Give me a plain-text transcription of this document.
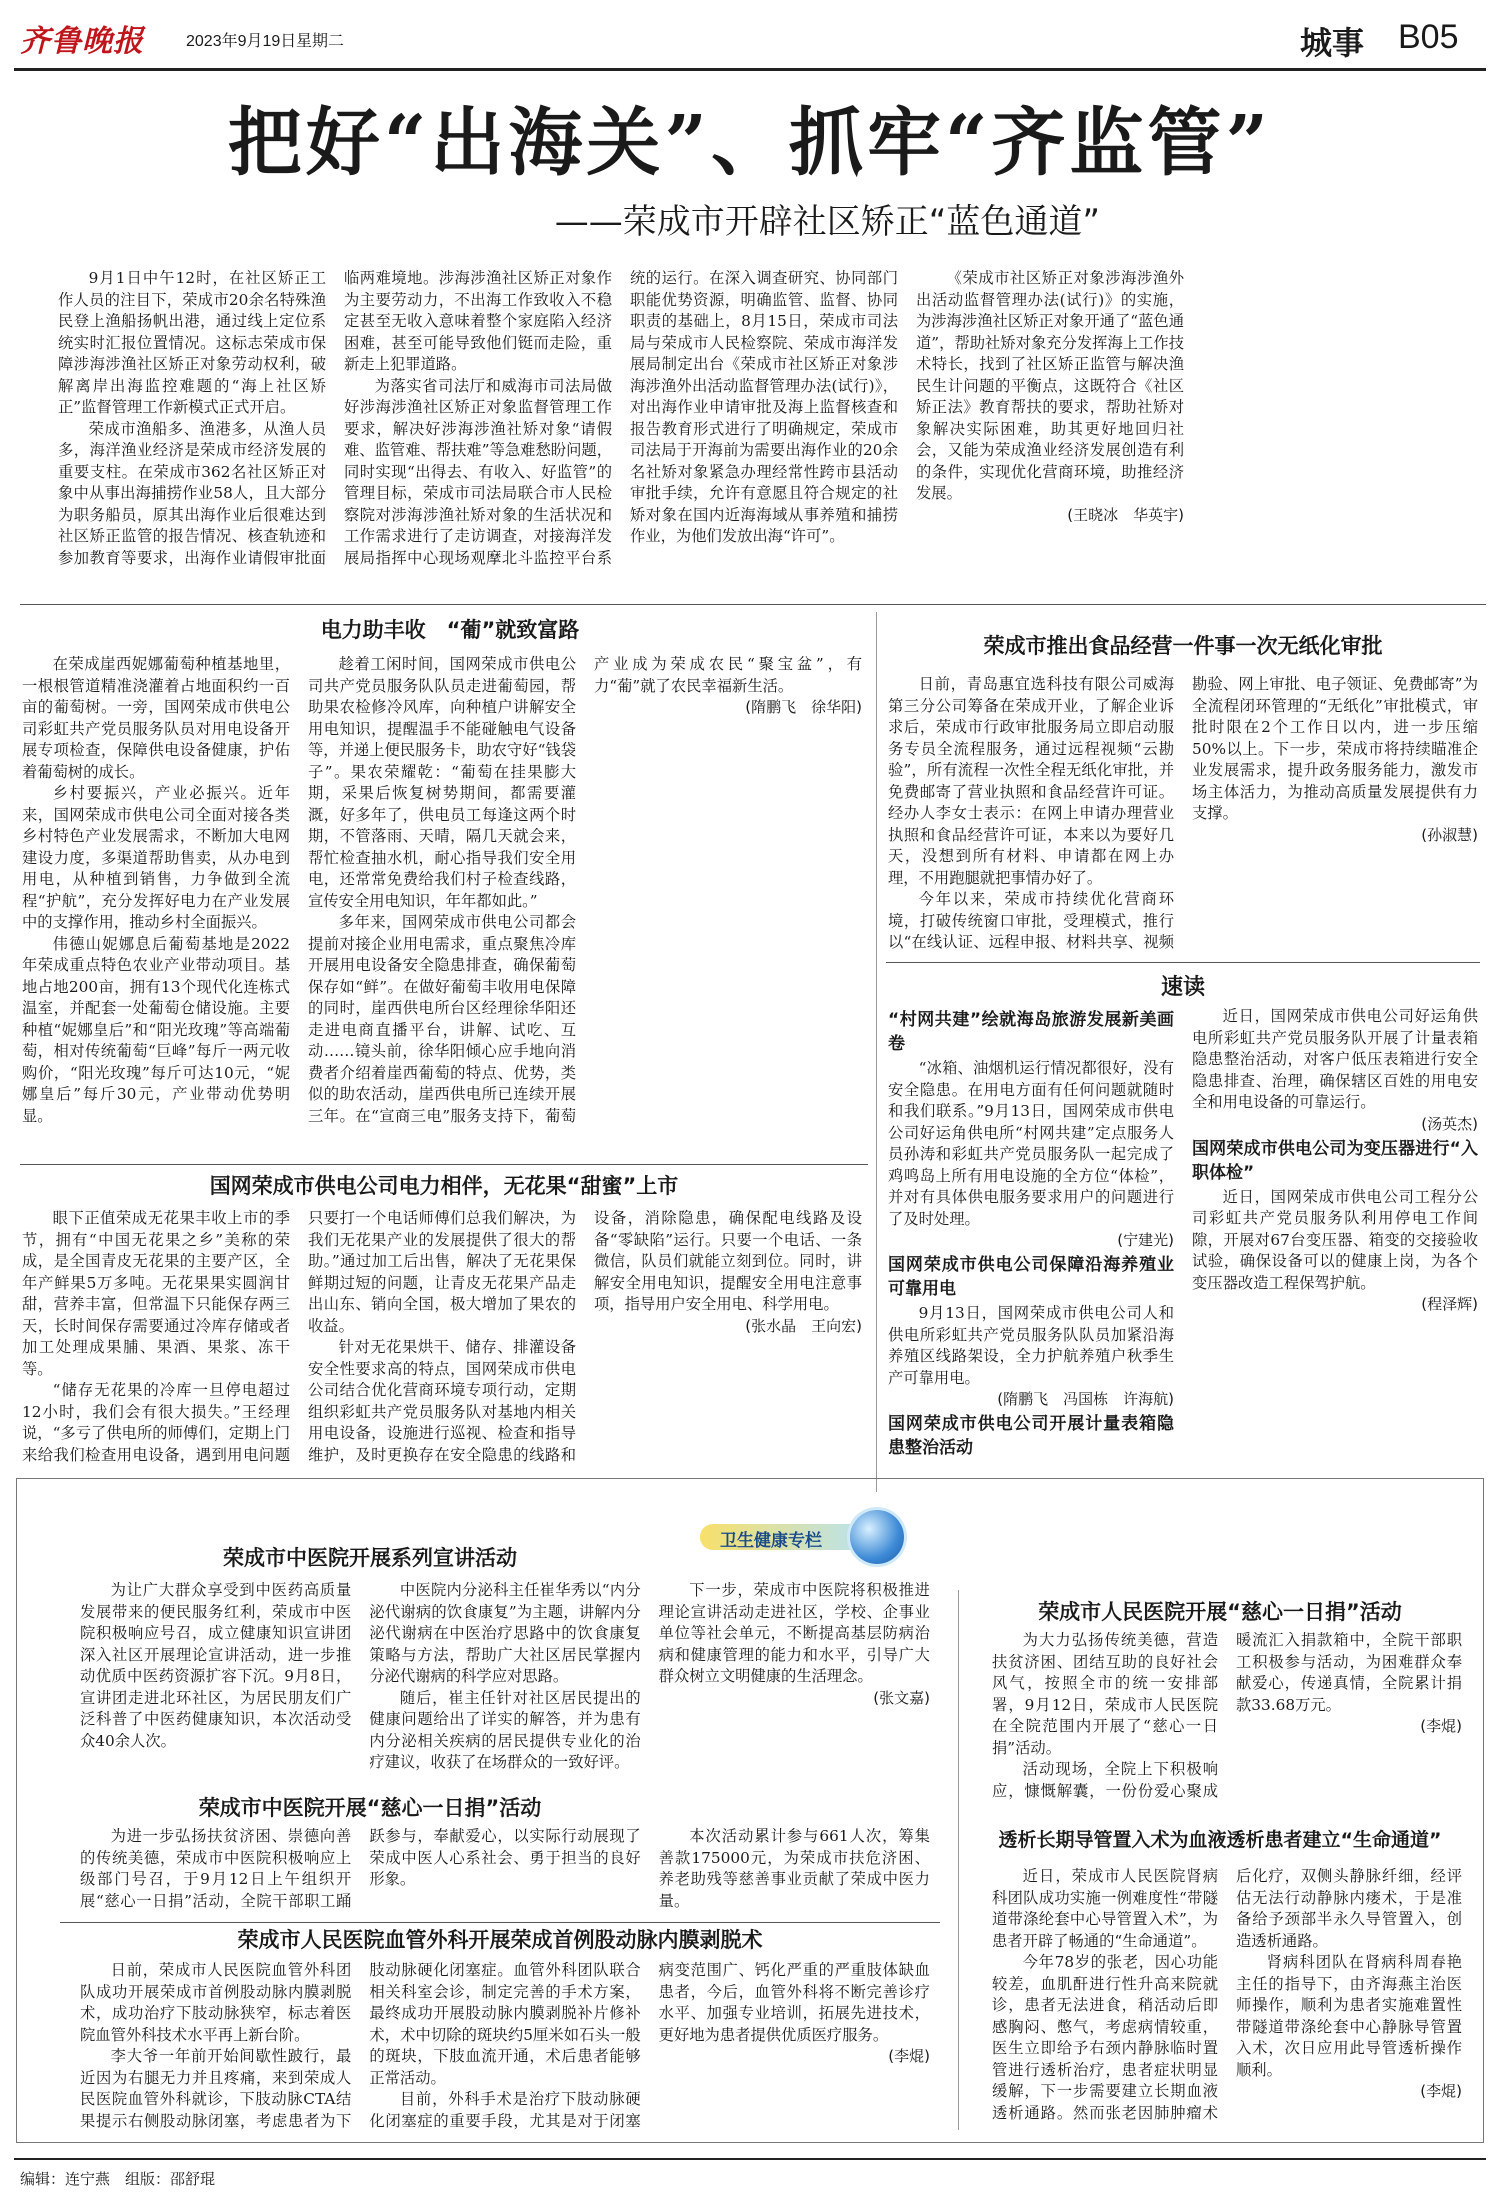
齐鲁晚报	2023年9月19日 星期二	城事 B05
把好“出海关”、抓牢“齐监管”
——荣成市开辟社区矫正“蓝色通道”

9月1日中午12时，在社区矫正工作人员的注目下，荣成市20余名特殊渔民登上渔船扬帆出港，通过线上定位系统实时汇报位置情况。这标志荣成市保障涉海涉渔社区矫正对象劳动权利，破解离岸出海监控难题的“海上社区矫正”监督管理工作新模式正式开启。

荣成市渔船多、渔港多，从渔人员多，海洋渔业经济是荣成市经济发展的重要支柱。在荣成市362名社区矫正对象中从事出海捕捞作业58人，且大部分为职务船员，原其出海作业后很难达到社区矫正监管的报告情况、核查轨迹和参加教育等要求，出海作业请假审批面临两难境地。涉海涉渔社区矫正对象作为主要劳动力，不出海工作致收入不稳定甚至无收入意味着整个家庭陷入经济困难，甚至可能导致他们铤而走险，重新走上犯罪道路。

为落实省司法厅和威海市司法局做好涉海涉渔社区矫正对象监督管理工作要求，解决好涉海涉渔社矫对象“请假难、监管难、帮扶难”等急难愁盼问题，同时实现“出得去、有收入、好监管”的管理目标，荣成市司法局联合市人民检察院对涉海涉渔社矫对象的生活状况和工作需求进行了走访调查，对接海洋发展局指挥中心现场观摩北斗监控平台系统的运行。在深入调查研究、协同部门职能优势资源，明确监管、监督、协同职责的基础上，8月15日，荣成市司法局与荣成市人民检察院、荣成市海洋发展局制定出台《荣成市社区矫正对象涉海涉渔外出活动监督管理办法(试行)》，对出海作业申请审批及海上监督核查和报告教育形式进行了明确规定，荣成市司法局于开海前为需要出海作业的20余名社矫对象紧急办理经常性跨市县活动审批手续，允许有意愿且符合规定的社矫对象在国内近海海域从事养殖和捕捞作业，为他们发放出海“许可”。

《荣成市社区矫正对象涉海涉渔外出活动监督管理办法(试行)》的实施，为涉海涉渔社区矫正对象开通了“蓝色通道”，帮助社矫对象充分发挥海上工作技术特长，找到了社区矫正监管与解决渔民生计问题的平衡点，这既符合《社区矫正法》教育帮扶的要求，帮助社矫对象解决实际困难，助其更好地回归社会，又能为荣成渔业经济发展创造有利的条件，实现优化营商环境，助推经济发展。

(王晓冰　华英宇)
电力助丰收　“葡”就致富路

在荣成崖西妮娜葡萄种植基地里，一根根管道精准浇灌着占地面积约一百亩的葡萄树。一旁，国网荣成市供电公司彩虹共产党员服务队员对用电设备开展专项检查，保障供电设备健康，护佑着葡萄树的成长。

乡村要振兴，产业必振兴。近年来，国网荣成市供电公司全面对接各类乡村特色产业发展需求，不断加大电网建设力度，多渠道帮助售卖，从办电到用电，从种植到销售，力争做到全流程“护航”，充分发挥好电力在产业发展中的支撑作用，推动乡村全面振兴。

伟德山妮娜息后葡萄基地是2022年荣成重点特色农业产业带动项目。基地占地200亩，拥有13个现代化连栋式温室，并配套一处葡萄仓储设施。主要种植“妮娜皇后”和“阳光玫瑰”等高端葡萄，相对传统葡萄“巨峰”每斤一两元收购价，“阳光玫瑰”每斤可达10元，“妮娜皇后”每斤30元，产业带动优势明显。

趁着工闲时间，国网荣成市供电公司共产党员服务队队员走进葡萄园，帮助果农检修冷风库，向种植户讲解安全用电知识，提醒温手不能碰触电气设备等，并递上便民服务卡，助农守好“钱袋子”。果农荣耀乾：“葡萄在挂果膨大期，采果后恢复树势期间，都需要灌溉，好多年了，供电员工每逢这两个时期，不管落雨、天晴，隔几天就会来，帮忙检查抽水机，耐心指导我们安全用电，还常常免费给我们村子检查线路，宣传安全用电知识，年年都如此。”

多年来，国网荣成市供电公司都会提前对接企业用电需求，重点聚焦冷库开展用电设备安全隐患排查，确保葡萄保存如“鲜”。在做好葡萄丰收用电保障的同时，崖西供电所台区经理徐华阳还走进电商直播平台，讲解、试吃、互动……镜头前，徐华阳倾心应手地向消费者介绍着崖西葡萄的特点、优势，类似的助农活动，崖西供电所已连续开展三年。在“宣商三电”服务支持下，葡萄产业成为荣成农民“聚宝盆”，有力“葡”就了农民幸福新生活。

(隋鹏飞　徐华阳)
国网荣成市供电公司电力相伴，无花果“甜蜜”上市

眼下正值荣成无花果丰收上市的季节，拥有“中国无花果之乡”美称的荣成，是全国青皮无花果的主要产区，全年产鲜果5万多吨。无花果果实圆润甘甜，营养丰富，但常温下只能保存两三天，长时间保存需要通过冷库存储或者加工处理成果脯、果酒、果浆、冻干等。

“储存无花果的冷库一旦停电超过12小时，我们会有很大损失。”王经理说，“多亏了供电所的师傅们，定期上门来给我们检查用电设备，遇到用电问题只要打一个电话师傅们总我们解决，为我们无花果产业的发展提供了很大的帮助。”通过加工后出售，解决了无花果保鲜期过短的问题，让青皮无花果产品走出山东、销向全国，极大增加了果农的收益。

针对无花果烘干、储存、排灌设备安全性要求高的特点，国网荣成市供电公司结合优化营商环境专项行动，定期组织彩虹共产党员服务队对基地内相关用电设备，设施进行巡视、检查和指导维护，及时更换存在安全隐患的线路和设备，消除隐患，确保配电线路及设备“零缺陷”运行。只要一个电话、一条微信，队员们就能立刻到位。同时，讲解安全用电知识，提醒安全用电注意事项，指导用户安全用电、科学用电。

(张水晶　王向宏)
荣成市推出食品经营一件事一次无纸化审批

日前，青岛惠宜选科技有限公司威海第三分公司筹备在荣成开业，了解企业诉求后，荣成市行政审批服务局立即启动服务专员全流程服务，通过远程视频“云勘验”，所有流程一次性全程无纸化审批，并免费邮寄了营业执照和食品经营许可证。经办人李女士表示：在网上申请办理营业执照和食品经营许可证，本来以为要好几天，没想到所有材料、申请都在网上办理，不用跑腿就把事情办好了。

今年以来，荣成市持续优化营商环境，打破传统窗口审批，受理模式，推行以“在线认证、远程申报、材料共享、视频勘验、网上审批、电子领证、免费邮寄”为全流程闭环管理的“无纸化”审批模式，审批时限在2个工作日以内，进一步压缩50%以上。下一步，荣成市将持续瞄准企业发展需求，提升政务服务能力，激发市场主体活力，为推动高质量发展提供有力支撑。

(孙淑慧)
速读
“村网共建”绘就海岛旅游发展新美画卷

“冰箱、油烟机运行情况都很好，没有安全隐患。在用电方面有任何问题就随时和我们联系。”9月13日，国网荣成市供电公司好运角供电所“村网共建”定点服务人员孙涛和彩虹共产党员服务队一起完成了鸡鸣岛上所有用电设施的全方位“体检”，并对有具体供电服务要求用户的问题进行了及时处理。

(宁建光)
国网荣成市供电公司保障沿海养殖业可靠用电

9月13日，国网荣成市供电公司人和供电所彩虹共产党员服务队队员加紧沿海养殖区线路架设，全力护航养殖户秋季生产可靠用电。

(隋鹏飞　冯国栋　许海航)
国网荣成市供电公司开展计量表箱隐患整治活动

近日，国网荣成市供电公司好运角供电所彩虹共产党员服务队开展了计量表箱隐患整治活动，对客户低压表箱进行安全隐患排查、治理，确保辖区百姓的用电安全和用电设备的可靠运行。

(汤英杰)
国网荣成市供电公司为变压器进行“入职体检”

近日，国网荣成市供电公司工程分公司彩虹共产党员服务队利用停电工作间隙，开展对67台变压器、箱变的交接验收试验，确保设备可以的健康上岗，为各个变压器改造工程保驾护航。

(程泽辉)
卫生健康专栏
荣成市中医院开展系列宣讲活动

为让广大群众享受到中医药高质量发展带来的便民服务红利，荣成市中医院积极响应号召，成立健康知识宣讲团深入社区开展理论宣讲活动，进一步推动优质中医药资源扩容下沉。9月8日，宣讲团走进北环社区，为居民朋友们广泛科普了中医药健康知识，本次活动受众40余人次。

中医院内分泌科主任崔华秀以“内分泌代谢病的饮食康复”为主题，讲解内分泌代谢病在中医治疗思路中的饮食康复策略与方法，帮助广大社区居民掌握内分泌代谢病的科学应对思路。

随后，崔主任针对社区居民提出的健康问题给出了详实的解答，并为患有内分泌相关疾病的居民提供专业化的治疗建议，收获了在场群众的一致好评。

下一步，荣成市中医院将积极推进理论宣讲活动走进社区，学校、企事业单位等社会单元，不断提高基层防病治病和健康管理的能力和水平，引导广大群众树立文明健康的生活理念。

(张文嘉)
荣成市中医院开展“慈心一日捐”活动

为进一步弘扬扶贫济困、崇德向善的传统美德，荣成市中医院积极响应上级部门号召，于9月12日上午组织开展“慈心一日捐”活动，全院干部职工踊跃参与，奉献爱心，以实际行动展现了荣成中医人心系社会、勇于担当的良好形象。

本次活动累计参与661人次，筹集善款175000元，为荣成市扶危济困、养老助残等慈善事业贡献了荣成中医力量。

荣成市人民医院血管外科开展荣成首例股动脉内膜剥脱术

日前，荣成市人民医院血管外科团队成功开展荣成市首例股动脉内膜剥脱术，成功治疗下肢动脉狭窄，标志着医院血管外科技术水平再上新台阶。

李大爷一年前开始间歇性跛行，最近因为右腿无力并且疼痛，来到荣成人民医院血管外科就诊，下肢动脉CTA结果提示右侧股动脉闭塞，考虑患者为下肢动脉硬化闭塞症。血管外科团队联合相关科室会诊，制定完善的手术方案，最终成功开展股动脉内膜剥脱补片修补术，术中切除的斑块约5厘米如石头一般的斑块，下肢血流开通，术后患者能够正常活动。

目前，外科手术是治疗下肢动脉硬化闭塞症的重要手段，尤其是对于闭塞病变范围广、钙化严重的严重肢体缺血患者，今后，血管外科将不断完善诊疗水平、加强专业培训，拓展先进技术，更好地为患者提供优质医疗服务。

(李焜)
荣成市人民医院开展“慈心一日捐”活动

为大力弘扬传统美德，营造扶贫济困、团结互助的良好社会风气，按照全市的统一安排部署，9月12日，荣成市人民医院在全院范围内开展了“慈心一日捐”活动。

活动现场，全院上下积极响应，慷慨解囊，一份份爱心聚成暖流汇入捐款箱中，全院干部职工积极参与活动，为困难群众奉献爱心，传递真情，全院累计捐款33.68万元。

(李焜)
透析长期导管置入术为血液透析患者建立“生命通道”

近日，荣成市人民医院肾病科团队成功实施一例难度性“带隧道带涤纶套中心导管置入术”，为患者开辟了畅通的“生命通道”。

今年78岁的张老，因心功能较差，血肌酐进行性升高来院就诊，患者无法进食，稍活动后即感胸闷、憋气，考虑病情较重，医生立即给予右颈内静脉临时置管进行透析治疗，患者症状明显缓解，下一步需要建立长期血液透析通路。然而张老因肺肿瘤术后化疗，双侧头静脉纤细，经评估无法行动静脉内瘘术，于是准备给予颈部半永久导管置入，创造透析通路。

肾病科团队在肾病科周春艳主任的指导下，由齐海燕主治医师操作，顺利为患者实施难置性带隧道带涤纶套中心静脉导管置入术，次日应用此导管透析操作顺利。

(李焜)
编辑：连宁燕　组版：邵舒琨
